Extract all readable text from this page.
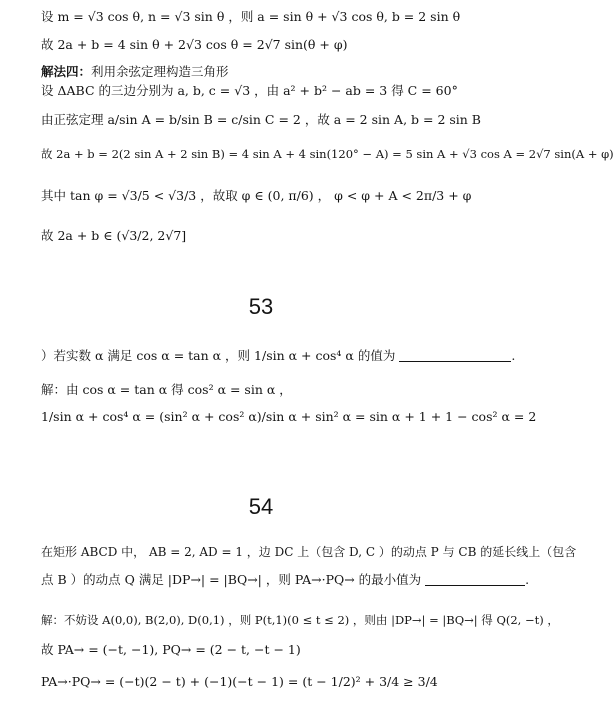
设 m = √3 cos θ, n = √3 sin θ ，则 a = sin θ + √3 cos θ, b = 2 sin θ
故 2a + b = 4 sin θ + 2√3 cos θ = 2√7 sin(θ + φ)
解法四：利用余弦定理构造三角形
设 ΔABC 的三边分别为 a, b, c = √3 ，由 a² + b² − ab = 3 得 C = 60°
由正弦定理 a/sin A = b/sin B = c/sin C = 2 ，故 a = 2 sin A, b = 2 sin B
故 2a + b = 2(2 sin A + 2 sin B) = 4 sin A + 4 sin(120° − A) = 5 sin A + √3 cos A = 2√7 sin(A + φ)
其中 tan φ = √3/5 < √3/3 ，故取 φ ∈ (0, π/6) ， φ < φ + A < 2π/3 + φ
故 2a + b ∈ (√3/2, 2√7]
53
）若实数 α 满足 cos α = tan α ，则 1/sin α + cos⁴ α 的值为	.
解：由 cos α = tan α 得 cos² α = sin α ，
1/sin α + cos⁴ α = (sin² α + cos² α)/sin α + sin² α = sin α + 1 + 1 − cos² α = 2
54
在矩形 ABCD 中， AB = 2, AD = 1 ，边 DC 上（包含 D, C ）的动点 P 与 CB 的延长线上（包含
点 B ）的动点 Q 满足 |DP→| = |BQ→| ，则 PA→·PQ→ 的最小值为	.
解：不妨设 A(0,0), B(2,0), D(0,1) ，则 P(t,1)(0 ≤ t ≤ 2) ，则由 |DP→| = |BQ→| 得 Q(2, −t) ，
故 PA→ = (−t, −1), PQ→ = (2 − t, −t − 1)
PA→·PQ→ = (−t)(2 − t) + (−1)(−t − 1) = (t − 1/2)² + 3/4 ≥ 3/4
